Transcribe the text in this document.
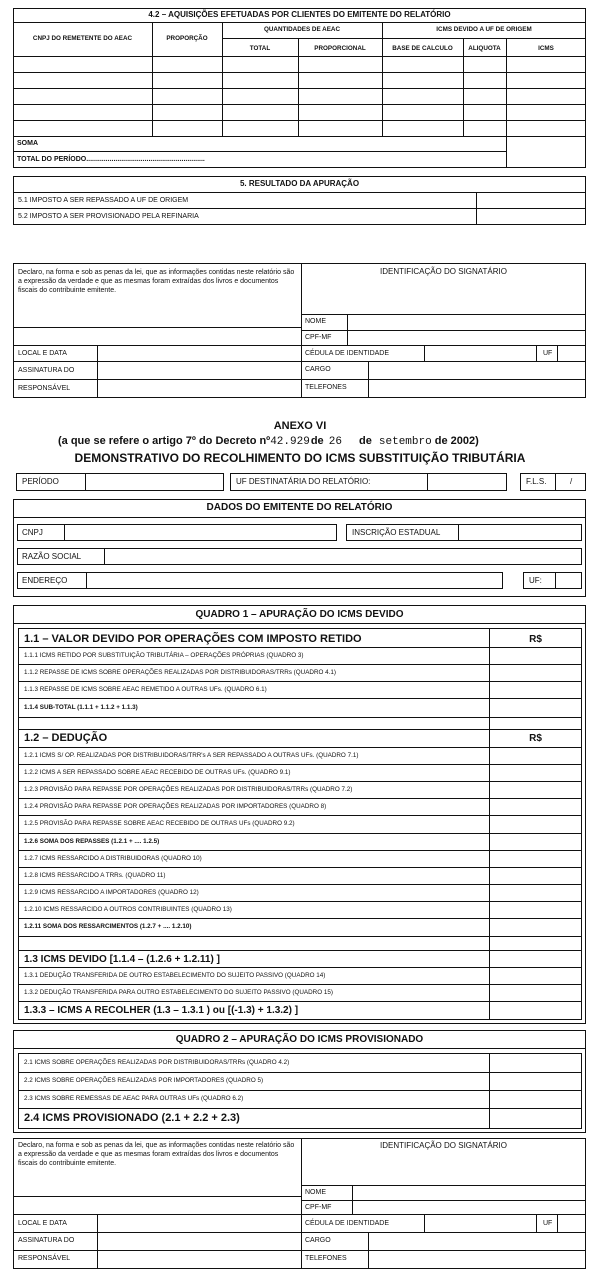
4.2 – AQUISIÇÕES EFETUADAS POR CLIENTES DO EMITENTE DO RELATÓRIO
CNPJ DO REMETENTE DO AEAC	PROPORÇÃO
QUANTIDADES DE AEAC
TOTAL	PROPORCIONAL
ICMS DEVIDO A UF DE ORIGEM
BASE DE CALCULO	ALIQUOTA	ICMS
SOMA
TOTAL DO PERÍODO.............................................................
5. RESULTADO DA APURAÇÃO
5.1 IMPOSTO A SER REPASSADO A UF DE ORIGEM
5.2 IMPOSTO A SER PROVISIONADO PELA REFINARIA
Declaro, na forma e sob as penas da lei, que as informações contidas neste relatório são a expressão da verdade e que as mesmas foram extraídas dos livros e documentos fiscais do contribuinte emitente.
IDENTIFICAÇÃO DO SIGNATÁRIO
NOME
CPF-MF
LOCAL E DATA	CÉDULA DE IDENTIDADE	UF
ASSINATURA DO
RESPONSÁVEL
CARGO
TELEFONES
ANEXO VI
(a que se refere o artigo 7º do Decreto nº42.929de 26 de setembro de 2002)
DEMONSTRATIVO DO RECOLHIMENTO DO ICMS SUBSTITUIÇÃO TRIBUTÁRIA
PERÍODO	UF DESTINATÁRIA DO RELATÓRIO:	F.L.S.	/
DADOS DO EMITENTE DO RELATÓRIO
CNPJ	INSCRIÇÃO ESTADUAL
RAZÃO SOCIAL
ENDEREÇO	UF:
QUADRO 1 – APURAÇÃO DO ICMS DEVIDO
1.1 – VALOR DEVIDO POR OPERAÇÕES COM IMPOSTO RETIDO	R$
1.1.1 ICMS RETIDO POR SUBSTITUIÇÃO TRIBUTÁRIA – OPERAÇÕES PRÓPRIAS (QUADRO 3)
1.1.2 REPASSE DE ICMS SOBRE OPERAÇÕES REALIZADAS POR DISTRIBUIDORAS/TRRs (QUADRO 4.1)
1.1.3 REPASSE DE ICMS SOBRE AEAC REMETIDO A OUTRAS UFs. (QUADRO 6.1)
1.1.4 SUB-TOTAL (1.1.1 + 1.1.2 + 1.1.3)
1.2 – DEDUÇÃO	R$
1.2.1 ICMS S/ OP. REALIZADAS POR DISTRIBUIDORAS/TRR's A SER REPASSADO A OUTRAS UFs. (QUADRO 7.1)
1.2.2 ICMS A SER REPASSADO SOBRE AEAC RECEBIDO DE OUTRAS UFs. (QUADRO 9.1)
1.2.3 PROVISÃO PARA REPASSE POR OPERAÇÕES REALIZADAS POR DISTRIBUIDORAS/TRRs (QUADRO 7.2)
1.2.4 PROVISÃO PARA REPASSE POR OPERAÇÕES REALIZADAS POR IMPORTADORES (QUADRO 8)
1.2.5 PROVISÃO PARA REPASSE SOBRE AEAC RECEBIDO DE OUTRAS UFs (QUADRO 9.2)
1.2.6 SOMA DOS REPASSES (1.2.1 + .... 1.2.5)
1.2.7 ICMS RESSARCIDO A DISTRIBUIDORAS (QUADRO 10)
1.2.8 ICMS RESSARCIDO A TRRs. (QUADRO 11)
1.2.9 ICMS RESSARCIDO A IMPORTADORES (QUADRO 12)
1.2.10 ICMS RESSARCIDO A OUTROS CONTRIBUINTES (QUADRO 13)
1.2.11 SOMA DOS RESSARCIMENTOS (1.2.7 + .... 1.2.10)
1.3 ICMS DEVIDO [1.1.4 – (1.2.6 + 1.2.11) ]
1.3.1 DEDUÇÃO TRANSFERIDA DE OUTRO ESTABELECIMENTO DO SUJEITO PASSIVO (QUADRO 14)
1.3.2 DEDUÇÃO TRANSFERIDA PARA OUTRO ESTABELECIMENTO DO SUJEITO PASSIVO (QUADRO 15)
1.3.3 – ICMS A RECOLHER (1.3 – 1.3.1 ) ou [(-1.3) + 1.3.2) ]
QUADRO 2 – APURAÇÃO DO ICMS PROVISIONADO
2.1 ICMS SOBRE OPERAÇÕES REALIZADAS POR DISTRIBUIDORAS/TRRs (QUADRO 4.2)
2.2 ICMS SOBRE OPERAÇÕES REALIZADAS POR IMPORTADORES (QUADRO 5)
2.3 ICMS SOBRE REMESSAS DE AEAC PARA OUTRAS UFs (QUADRO 6.2)
2.4 ICMS PROVISIONADO (2.1 + 2.2 + 2.3)
Declaro, na forma e sob as penas da lei, que as informações contidas neste relatório são a expressão da verdade e que as mesmas foram extraídas dos livros e documentos fiscais do contribuinte emitente.
IDENTIFICAÇÃO DO SIGNATÁRIO
NOME
CPF-MF
LOCAL E DATA	CÉDULA DE IDENTIDADE	UF
ASSINATURA DO
RESPONSÁVEL
CARGO
TELEFONES
